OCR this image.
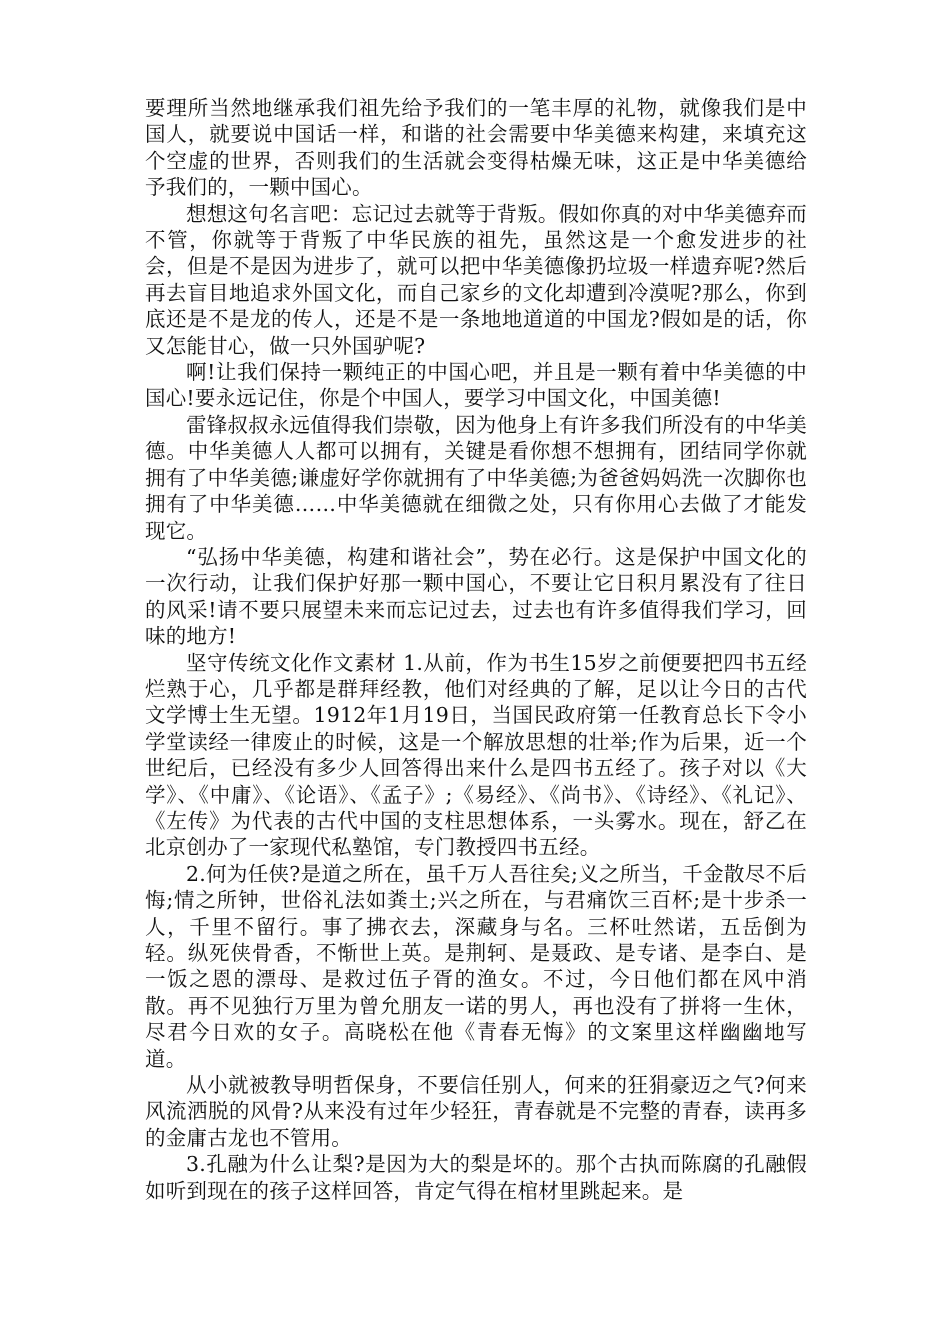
要理所当然地继承我们祖先给予我们的一笔丰厚的礼物，就像我们是中国人，就要说中国话一样，和谐的社会需要中华美德来构建，来填充这个空虚的世界，否则我们的生活就会变得枯燥无味，这正是中华美德给予我们的，一颗中国心。

想想这句名言吧：忘记过去就等于背叛。假如你真的对中华美德弃而不管，你就等于背叛了中华民族的祖先，虽然这是一个愈发进步的社会，但是不是因为进步了，就可以把中华美德像扔垃圾一样遗弃呢?然后再去盲目地追求外国文化，而自己家乡的文化却遭到冷漠呢?那么，你到底还是不是龙的传人，还是不是一条地地道道的中国龙?假如是的话，你又怎能甘心，做一只外国驴呢?

啊!让我们保持一颗纯正的中国心吧，并且是一颗有着中华美德的中国心!要永远记住，你是个中国人，要学习中国文化，中国美德!

雷锋叔叔永远值得我们崇敬，因为他身上有许多我们所没有的中华美德。中华美德人人都可以拥有，关键是看你想不想拥有，团结同学你就拥有了中华美德;谦虚好学你就拥有了中华美德;为爸爸妈妈洗一次脚你也拥有了中华美德……中华美德就在细微之处，只有你用心去做了才能发现它。

“弘扬中华美德，构建和谐社会”，势在必行。这是保护中国文化的一次行动，让我们保护好那一颗中国心，不要让它日积月累没有了往日的风采!请不要只展望未来而忘记过去，过去也有许多值得我们学习，回味的地方!

坚守传统文化作文素材 1.从前，作为书生15岁之前便要把四书五经烂熟于心，几乎都是群拜经教，他们对经典的了解，足以让今日的古代文学博士生无望。1912年1月19日，当国民政府第一任教育总长下令小学堂读经一律废止的时候，这是一个解放思想的壮举;作为后果，近一个世纪后，已经没有多少人回答得出来什么是四书五经了。孩子对以《大学》、《中庸》、《论语》、《孟子》;《易经》、《尚书》、《诗经》、《礼记》、《左传》为代表的古代中国的支柱思想体系，一头雾水。现在，舒乙在北京创办了一家现代私塾馆，专门教授四书五经。

2.何为任侠?是道之所在，虽千万人吾往矣;义之所当，千金散尽不后悔;情之所钟，世俗礼法如粪土;兴之所在，与君痛饮三百杯;是十步杀一人，千里不留行。事了拂衣去，深藏身与名。三杯吐然诺，五岳倒为轻。纵死侠骨香，不惭世上英。是荆轲、是聂政、是专诸、是李白、是一饭之恩的漂母、是救过伍子胥的渔女。不过，今日他们都在风中消散。再不见独行万里为曾允朋友一诺的男人，再也没有了拼将一生休，尽君今日欢的女子。高晓松在他《青春无悔》的文案里这样幽幽地写道。

从小就被教导明哲保身，不要信任别人，何来的狂狷豪迈之气?何来风流洒脱的风骨?从来没有过年少轻狂，青春就是不完整的青春，读再多的金庸古龙也不管用。

3.孔融为什么让梨?是因为大的梨是坏的。那个古执而陈腐的孔融假如听到现在的孩子这样回答，肯定气得在棺材里跳起来。是
